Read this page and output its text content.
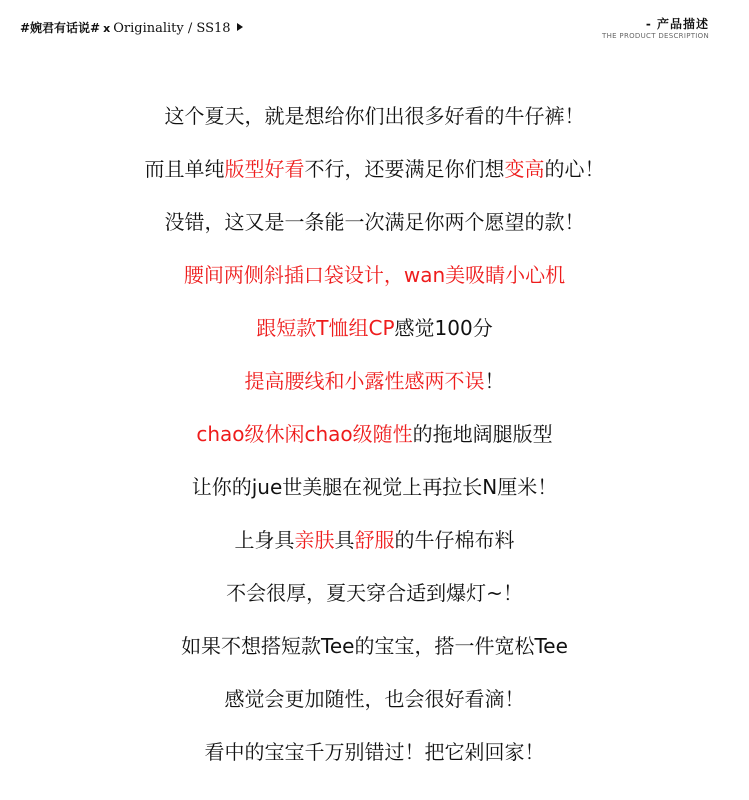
#婉君有话说# x Originality / SS18	- 产品描述
THE PRODUCT DESCRIPTION
这个夏天，就是想给你们出很多好看的牛仔裤！
而且单纯版型好看不行，还要满足你们想变高的心！
没错，这又是一条能一次满足你两个愿望的款！
腰间两侧斜插口袋设计，wan美吸睛小心机
跟短款T恤组CP感觉100分
提高腰线和小露性感两不误！
chao级休闲chao级随性的拖地阔腿版型
让你的jue世美腿在视觉上再拉长N厘米！
上身具亲肤具舒服的牛仔棉布料
不会很厚，夏天穿合适到爆灯~！
如果不想搭短款Tee的宝宝，搭一件宽松Tee
感觉会更加随性，也会很好看滴！
看中的宝宝千万别错过！把它剁回家！
